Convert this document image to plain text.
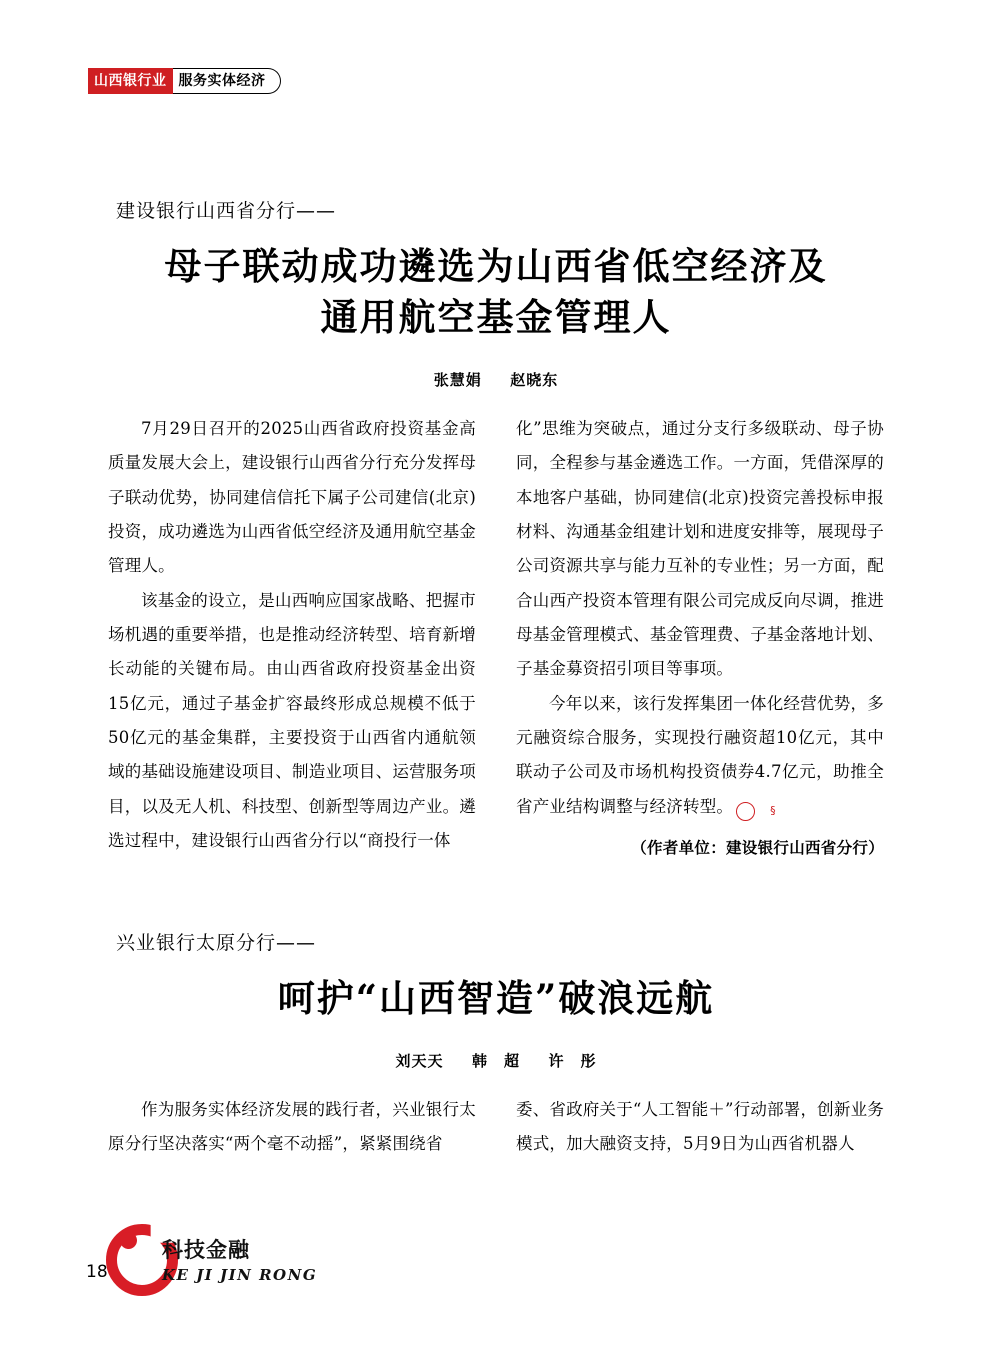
山西银行业 服务实体经济
建设银行山西省分行——
母子联动成功遴选为山西省低空经济及
通用航空基金管理人
张慧娟 赵晓东

7月29日召开的2025山西省政府投资基金高质量发展大会上，建设银行山西省分行充分发挥母子联动优势，协同建信信托下属子公司建信(北京)投资，成功遴选为山西省低空经济及通用航空基金管理人。

该基金的设立，是山西响应国家战略、把握市场机遇的重要举措，也是推动经济转型、培育新增长动能的关键布局。由山西省政府投资基金出资15亿元，通过子基金扩容最终形成总规模不低于50亿元的基金集群，主要投资于山西省内通航领域的基础设施建设项目、制造业项目、运营服务项目，以及无人机、科技型、创新型等周边产业。遴选过程中，建设银行山西省分行以“商投行一体

化”思维为突破点，通过分支行多级联动、母子协同，全程参与基金遴选工作。一方面，凭借深厚的本地客户基础，协同建信(北京)投资完善投标申报材料、沟通基金组建计划和进度安排等，展现母子公司资源共享与能力互补的专业性；另一方面，配合山西产投资本管理有限公司完成反向尽调，推进母基金管理模式、基金管理费、子基金落地计划、子基金募资招引项目等事项。

今年以来，该行发挥集团一体化经营优势，多元融资综合服务，实现投行融资超10亿元，其中联动子公司及市场机构投资债券4.7亿元，助推全省产业结构调整与经济转型。	§

（作者单位：建设银行山西省分行）
兴业银行太原分行——
呵护“山西智造”破浪远航
刘天天 韩　超 许　彤

作为服务实体经济发展的践行者，兴业银行太原分行坚决落实“两个毫不动摇”，紧紧围绕省

委、省政府关于“人工智能＋”行动部署，创新业务模式，加大融资支持，5月9日为山西省机器人

科技金融
KE JI JIN RONG
18
